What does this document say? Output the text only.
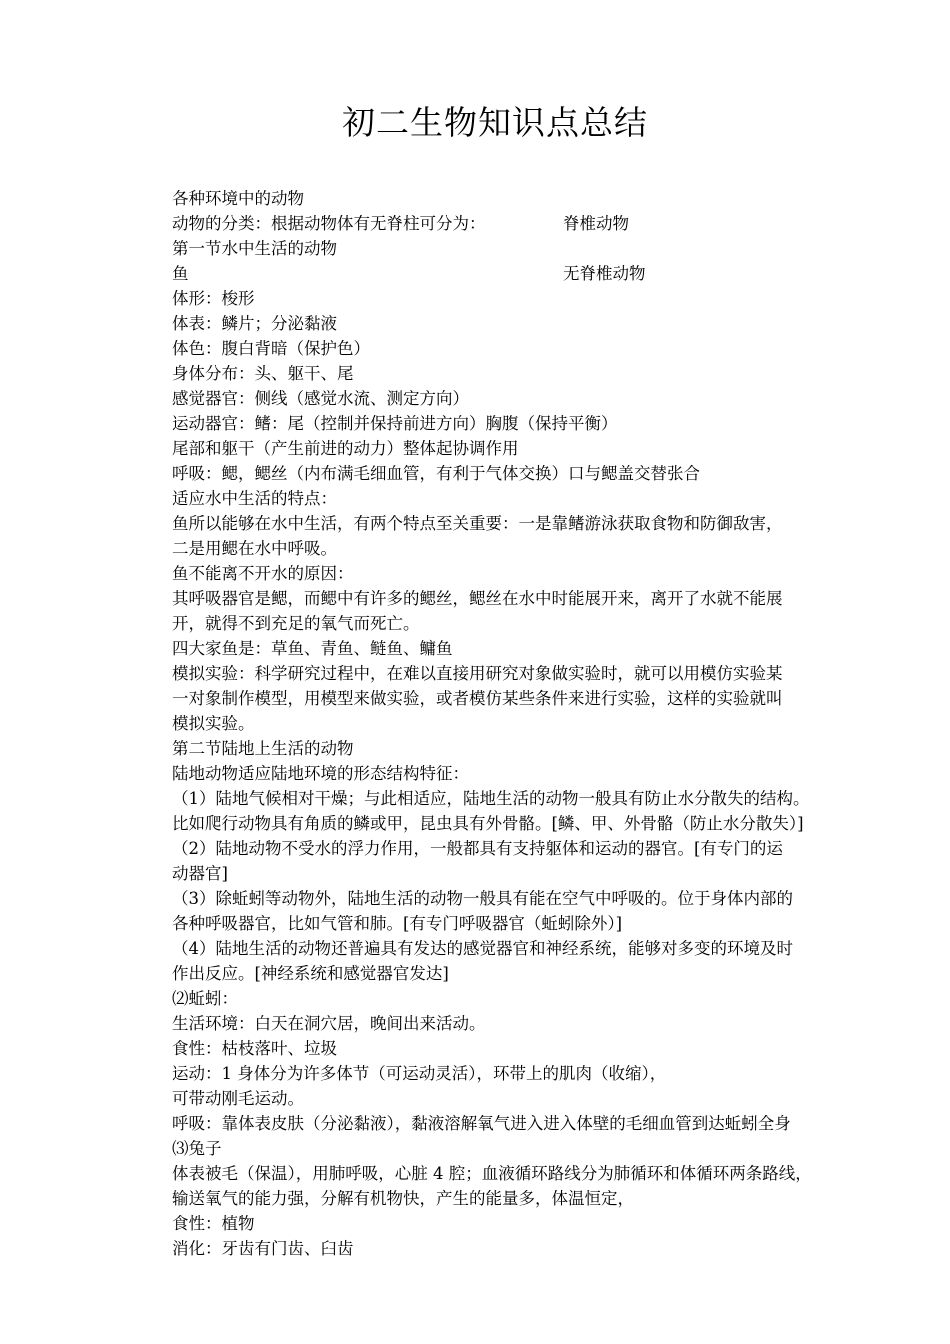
初二生物知识点总结
各种环境中的动物
动物的分类：根据动物体有无脊柱可分为：	脊椎动物
第一节水中生活的动物
鱼	无脊椎动物
体形：梭形
体表：鳞片；分泌黏液
体色：腹白背暗（保护色）
身体分布：头、躯干、尾
感觉器官：侧线（感觉水流、测定方向）
运动器官：鳍：尾（控制并保持前进方向）胸腹（保持平衡）
尾部和躯干（产生前进的动力）整体起协调作用
呼吸：鳃，鳃丝（内布满毛细血管，有利于气体交换）口与鳃盖交替张合
适应水中生活的特点：
鱼所以能够在水中生活，有两个特点至关重要：一是靠鳍游泳获取食物和防御敌害，
二是用鳃在水中呼吸。
鱼不能离不开水的原因：
其呼吸器官是鳃，而鳃中有许多的鳃丝，鳃丝在水中时能展开来，离开了水就不能展
开，就得不到充足的氧气而死亡。
四大家鱼是：草鱼、青鱼、鲢鱼、鳙鱼
模拟实验：科学研究过程中，在难以直接用研究对象做实验时，就可以用模仿实验某
一对象制作模型，用模型来做实验，或者模仿某些条件来进行实验，这样的实验就叫
模拟实验。
第二节陆地上生活的动物
陆地动物适应陆地环境的形态结构特征：
（1）陆地气候相对干燥；与此相适应，陆地生活的动物一般具有防止水分散失的结构。
比如爬行动物具有角质的鳞或甲，昆虫具有外骨骼。[鳞、甲、外骨骼（防止水分散失）]
（2）陆地动物不受水的浮力作用，一般都具有支持躯体和运动的器官。[有专门的运
动器官]
（3）除蚯蚓等动物外，陆地生活的动物一般具有能在空气中呼吸的。位于身体内部的
各种呼吸器官，比如气管和肺。[有专门呼吸器官（蚯蚓除外）]
（4）陆地生活的动物还普遍具有发达的感觉器官和神经系统，能够对多变的环境及时
作出反应。[神经系统和感觉器官发达]
⑵蚯蚓：
生活环境：白天在洞穴居，晚间出来活动。
食性：枯枝落叶、垃圾
运动：1 身体分为许多体节（可运动灵活），环带上的肌肉（收缩），
可带动刚毛运动。
呼吸：靠体表皮肤（分泌黏液），黏液溶解氧气进入进入体壁的毛细血管到达蚯蚓全身
⑶兔子
体表被毛（保温），用肺呼吸，心脏 4 腔；血液循环路线分为肺循环和体循环两条路线，
输送氧气的能力强，分解有机物快，产生的能量多，体温恒定，
食性：植物
消化：牙齿有门齿、臼齿
